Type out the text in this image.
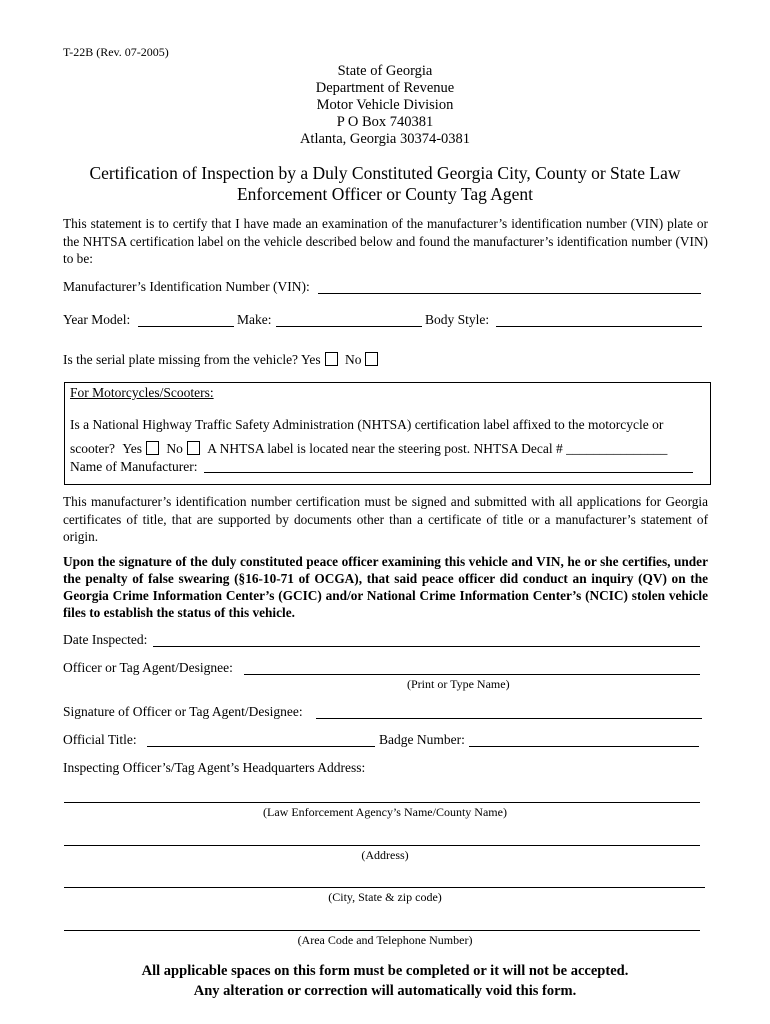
T-22B (Rev. 07-2005)
State of Georgia
Department of Revenue
Motor Vehicle Division
P O Box 740381
Atlanta, Georgia 30374-0381
Certification of Inspection by a Duly Constituted Georgia City, County or State Law
Enforcement Officer or County Tag Agent
This statement is to certify that I have made an examination of the manufacturer’s identification number (VIN) plate or the NHTSA certification label on the vehicle described below and found the manufacturer’s identification number (VIN) to be:
Manufacturer’s Identification Number (VIN):
Year Model:	Make:	Body Style:
Is the serial plate missing from the vehicle? Yes No
For Motorcycles/Scooters:
Is a National Highway Traffic Safety Administration (NHTSA) certification label affixed to the motorcycle or
scooter? Yes No A NHTSA label is located near the steering post. NHTSA Decal # _______________
Name of Manufacturer:
This manufacturer’s identification number certification must be signed and submitted with all applications for Georgia certificates of title, that are supported by documents other than a certificate of title or a manufacturer’s statement of origin.
Upon the signature of the duly constituted peace officer examining this vehicle and VIN, he or she certifies, under the penalty of false swearing (§16-10-71 of OCGA), that said peace officer did conduct an inquiry (QV) on the Georgia Crime Information Center’s (GCIC) and/or National Crime Information Center’s (NCIC) stolen vehicle files to establish the status of this vehicle.
Date Inspected:
Officer or Tag Agent/Designee:
(Print or Type Name)
Signature of Officer or Tag Agent/Designee:
Official Title:	Badge Number:
Inspecting Officer’s/Tag Agent’s Headquarters Address:
(Law Enforcement Agency’s Name/County Name)
(Address)
(City, State & zip code)
(Area Code and Telephone Number)
All applicable spaces on this form must be completed or it will not be accepted.
Any alteration or correction will automatically void this form.
